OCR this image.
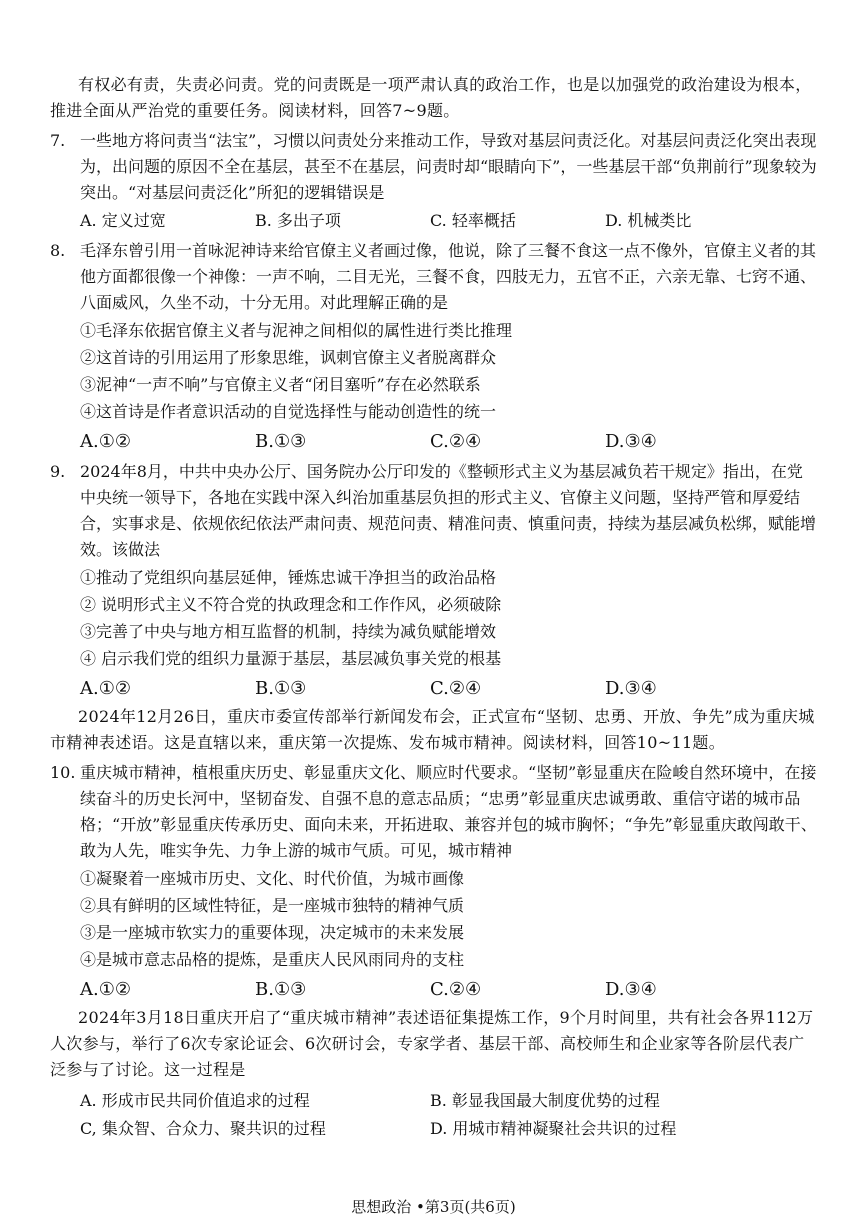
有权必有责，失责必问责。党的问责既是一项严肃认真的政治工作，也是以加强党的政治建设为根本，推进全面从严治党的重要任务。阅读材料，回答7~9题。

7. 一些地方将问责当“法宝”，习惯以问责处分来推动工作，导致对基层问责泛化。对基层问责泛化突出表现为，出问题的原因不全在基层，甚至不在基层，问责时却“眼睛向下”，一些基层干部“负荆前行”现象较为突出。“对基层问责泛化”所犯的逻辑错误是
A. 定义过宽	B. 多出子项	C. 轻率概括	D. 机械类比
8. 毛泽东曾引用一首咏泥神诗来给官僚主义者画过像，他说，除了三餐不食这一点不像外，官僚主义者的其他方面都很像一个神像：一声不响，二目无光，三餐不食，四肢无力，五官不正，六亲无靠、七窍不通、八面威风，久坐不动，十分无用。对此理解正确的是
①毛泽东依据官僚主义者与泥神之间相似的属性进行类比推理
②这首诗的引用运用了形象思维，讽刺官僚主义者脱离群众
③泥神“一声不响”与官僚主义者“闭目塞听”存在必然联系
④这首诗是作者意识活动的自觉选择性与能动创造性的统一
A.①②	B.①③	C.②④	D.③④
9. 2024年8月，中共中央办公厅、国务院办公厅印发的《整顿形式主义为基层减负若干规定》指出，在党中央统一领导下，各地在实践中深入纠治加重基层负担的形式主义、官僚主义问题，坚持严管和厚爱结合，实事求是、依规依纪依法严肃问责、规范问责、精准问责、慎重问责，持续为基层减负松绑，赋能增效。该做法
①推动了党组织向基层延伸，锤炼忠诚干净担当的政治品格
② 说明形式主义不符合党的执政理念和工作作风，必须破除
③完善了中央与地方相互监督的机制，持续为减负赋能增效
④ 启示我们党的组织力量源于基层，基层减负事关党的根基
A.①②	B.①③	C.②④	D.③④

2024年12月26日，重庆市委宣传部举行新闻发布会，正式宣布“坚韧、忠勇、开放、争先”成为重庆城市精神表述语。这是直辖以来，重庆第一次提炼、发布城市精神。阅读材料，回答10~11题。

10. 重庆城市精神，植根重庆历史、彰显重庆文化、顺应时代要求。“坚韧”彰显重庆在险峻自然环境中，在接续奋斗的历史长河中，坚韧奋发、自强不息的意志品质；“忠勇”彰显重庆忠诚勇敢、重信守诺的城市品格；“开放”彰显重庆传承历史、面向未来，开拓进取、兼容并包的城市胸怀；“争先”彰显重庆敢闯敢干、敢为人先，唯实争先、力争上游的城市气质。可见，城市精神
①凝聚着一座城市历史、文化、时代价值，为城市画像
②具有鲜明的区域性特征，是一座城市独特的精神气质
③是一座城市软实力的重要体现，决定城市的未来发展
④是城市意志品格的提炼，是重庆人民风雨同舟的支柱
A.①②	B.①③	C.②④	D.③④

2024年3月18日重庆开启了“重庆城市精神”表述语征集提炼工作，9个月时间里，共有社会各界112万人次参与，举行了6次专家论证会、6次研讨会，专家学者、基层干部、高校师生和企业家等各阶层代表广泛参与了讨论。这一过程是

A. 形成市民共同价值追求的过程	B. 彰显我国最大制度优势的过程
C, 集众智、合众力、聚共识的过程	D. 用城市精神凝聚社会共识的过程
思想政治 •第3页(共6页)
